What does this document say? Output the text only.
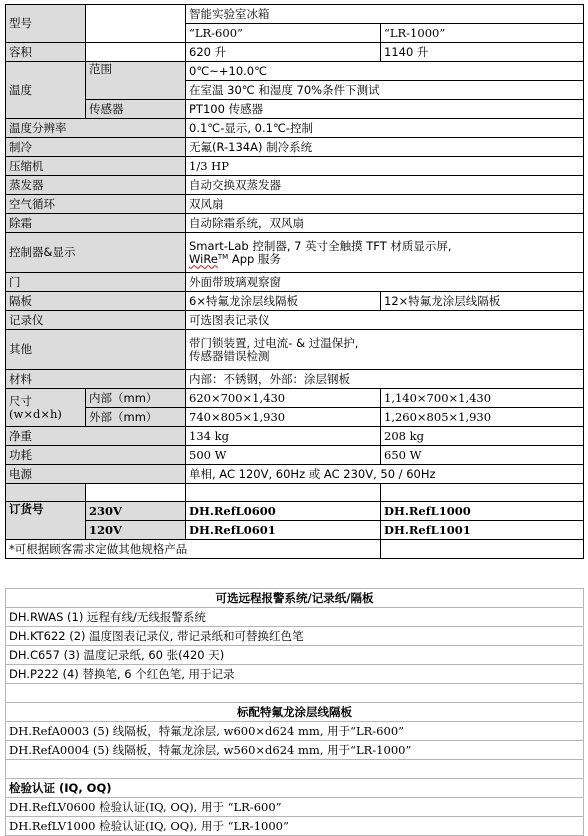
型号		智能实验室冰箱	
		“LR-600”	“LR-1000”
容积		620 升	1140 升
温度	范围	0℃~+10.0℃	
		在室温 30℃ 和湿度 70%条件下测试	
	传感器	PT100 传感器	
温度分辨率		0.1℃-显示, 0.1℃-控制	
制冷		无氟(R-134A) 制冷系统	
压缩机		1/3 HP	
蒸发器		自动交换双蒸发器	
空气循环		双风扇	
除霜		自动除霜系统，双风扇	
控制器&显示		Smart-Lab 控制器, 7 英寸全触摸 TFT 材质显示屏,
WiRe™ App 服务	

门		外面带玻璃观察窗	
隔板		6×特氟龙涂层线隔板	12×特氟龙涂层线隔板
记录仪		可选图表记录仪	
其他		带门锁装置, 过电流- & 过温保护,
传感器错误检测	

材料		内部：不锈钢，外部：涂层钢板	

尺寸
(w×d×h)	内部（mm）	620×700×1,430	1,140×700×1,430
	外部（mm）	740×805×1,930	1,260×805×1,930
净重		134 kg	208 kg
功耗		500 W	650 W
电源		单相, AC 120V, 60Hz 或 AC 230V, 50 / 60Hz	

订货号	230V	DH.RefL0600	DH.RefL1000
	120V	DH.RefL0601	DH.RefL1001
*可根据顾客需求定做其他规格产品			
可选远程报警系统/记录纸/隔板
DH.RWAS (1) 远程有线/无线报警系统
DH.KT622 (2) 温度图表记录仪, 带记录纸和可替换红色笔
DH.C657 (3) 温度记录纸, 60 张(420 天)
DH.P222 (4) 替换笔, 6 个红色笔, 用于记录

标配特氟龙涂层线隔板
DH.RefA0003 (5) 线隔板，特氟龙涂层, w600×d624 mm, 用于“LR-600”
DH.RefA0004 (5) 线隔板，特氟龙涂层, w560×d624 mm, 用于“LR-1000”

检验认证 (IQ, OQ)
DH.RefLV0600 检验认证(IQ, OQ), 用于 “LR-600”
DH.RefLV1000 检验认证(IQ, OQ), 用于 “LR-1000”
